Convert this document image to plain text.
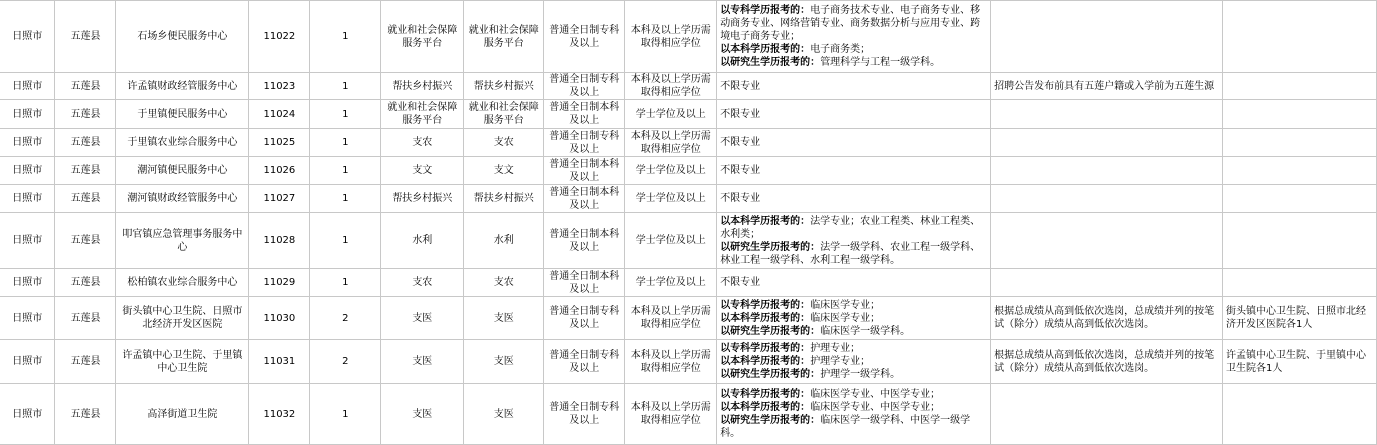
日照市	五莲县	石场乡便民服务中心	11022	1	就业和社会保障服务平台	就业和社会保障服务平台	普通全日制专科及以上	本科及以上学历需取得相应学位	以专科学历报考的：电子商务技术专业、电子商务专业、移动商务专业、网络营销专业、商务数据分析与应用专业、跨境电子商务专业；
以本科学历报考的：电子商务类；
以研究生学历报考的：管理科学与工程一级学科。		

日照市	五莲县	许孟镇财政经管服务中心	11023	1	帮扶乡村振兴	帮扶乡村振兴	普通全日制专科及以上	本科及以上学历需取得相应学位	不限专业	招聘公告发布前具有五莲户籍或入学前为五莲生源	
日照市	五莲县	于里镇便民服务中心	11024	1	就业和社会保障服务平台	就业和社会保障服务平台	普通全日制本科及以上	学士学位及以上	不限专业		

日照市	五莲县	于里镇农业综合服务中心	11025	1	支农	支农	普通全日制专科及以上	本科及以上学历需取得相应学位	不限专业		

日照市	五莲县	潮河镇便民服务中心	11026	1	支文	支文	普通全日制本科及以上	学士学位及以上	不限专业		

日照市	五莲县	潮河镇财政经管服务中心	11027	1	帮扶乡村振兴	帮扶乡村振兴	普通全日制本科及以上	学士学位及以上	不限专业		

日照市	五莲县	叩官镇应急管理事务服务中心	11028	1	水利	水利	普通全日制本科及以上	学士学位及以上	以本科学历报考的：法学专业；农业工程类、林业工程类、水利类；
以研究生学历报考的：法学一级学科、农业工程一级学科、林业工程一级学科、水利工程一级学科。		

日照市	五莲县	松柏镇农业综合服务中心	11029	1	支农	支农	普通全日制本科及以上	学士学位及以上	不限专业		

日照市	五莲县	街头镇中心卫生院、日照市北经济开发区医院	11030	2	支医	支医	普通全日制专科及以上	本科及以上学历需取得相应学位	以专科学历报考的：临床医学专业；
以本科学历报考的：临床医学专业；
以研究生学历报考的：临床医学一级学科。	根据总成绩从高到低依次选岗，总成绩并列的按笔试（除分）成绩从高到低依次选岗。	街头镇中心卫生院、日照市北经济开发区医院各1人
日照市	五莲县	许孟镇中心卫生院、于里镇中心卫生院	11031	2	支医	支医	普通全日制专科及以上	本科及以上学历需取得相应学位	以专科学历报考的：护理专业；
以本科学历报考的：护理学专业；
以研究生学历报考的：护理学一级学科。	根据总成绩从高到低依次选岗，总成绩并列的按笔试（除分）成绩从高到低依次选岗。	许孟镇中心卫生院、于里镇中心卫生院各1人
日照市	五莲县	高泽街道卫生院	11032	1	支医	支医	普通全日制专科及以上	本科及以上学历需取得相应学位	以专科学历报考的：临床医学专业、中医学专业；
以本科学历报考的：临床医学专业、中医学专业；
以研究生学历报考的：临床医学一级学科、中医学一级学科。		
